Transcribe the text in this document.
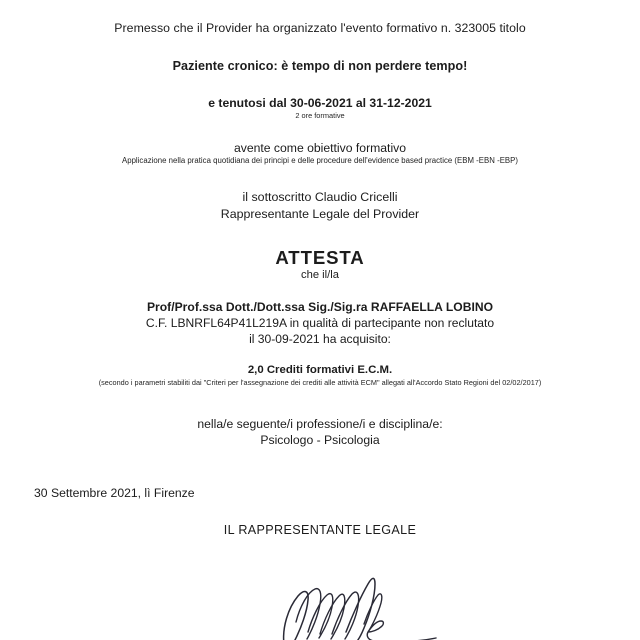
Premesso che il Provider ha organizzato l'evento formativo n. 323005 titolo
Paziente cronico: è tempo di non perdere tempo!
e tenutosi dal 30-06-2021 al 31-12-2021
2 ore formative
avente come obiettivo formativo
Applicazione nella pratica quotidiana dei principi e delle procedure dell'evidence based practice (EBM -EBN -EBP)
il sottoscritto Claudio Cricelli
Rappresentante Legale del Provider
ATTESTA
che il/la
Prof/Prof.ssa Dott./Dott.ssa Sig./Sig.ra RAFFAELLA LOBINO
C.F. LBNRFL64P41L219A in qualità di partecipante non reclutato
il 30-09-2021 ha acquisito:
2,0 Crediti formativi E.C.M.
(secondo i parametri stabiliti dai "Criteri per l'assegnazione dei crediti alle attività ECM" allegati all'Accordo Stato Regioni del 02/02/2017)
nella/e seguente/i professione/i e disciplina/e:
Psicologo - Psicologia
30 Settembre 2021, lì Firenze
IL RAPPRESENTANTE LEGALE
